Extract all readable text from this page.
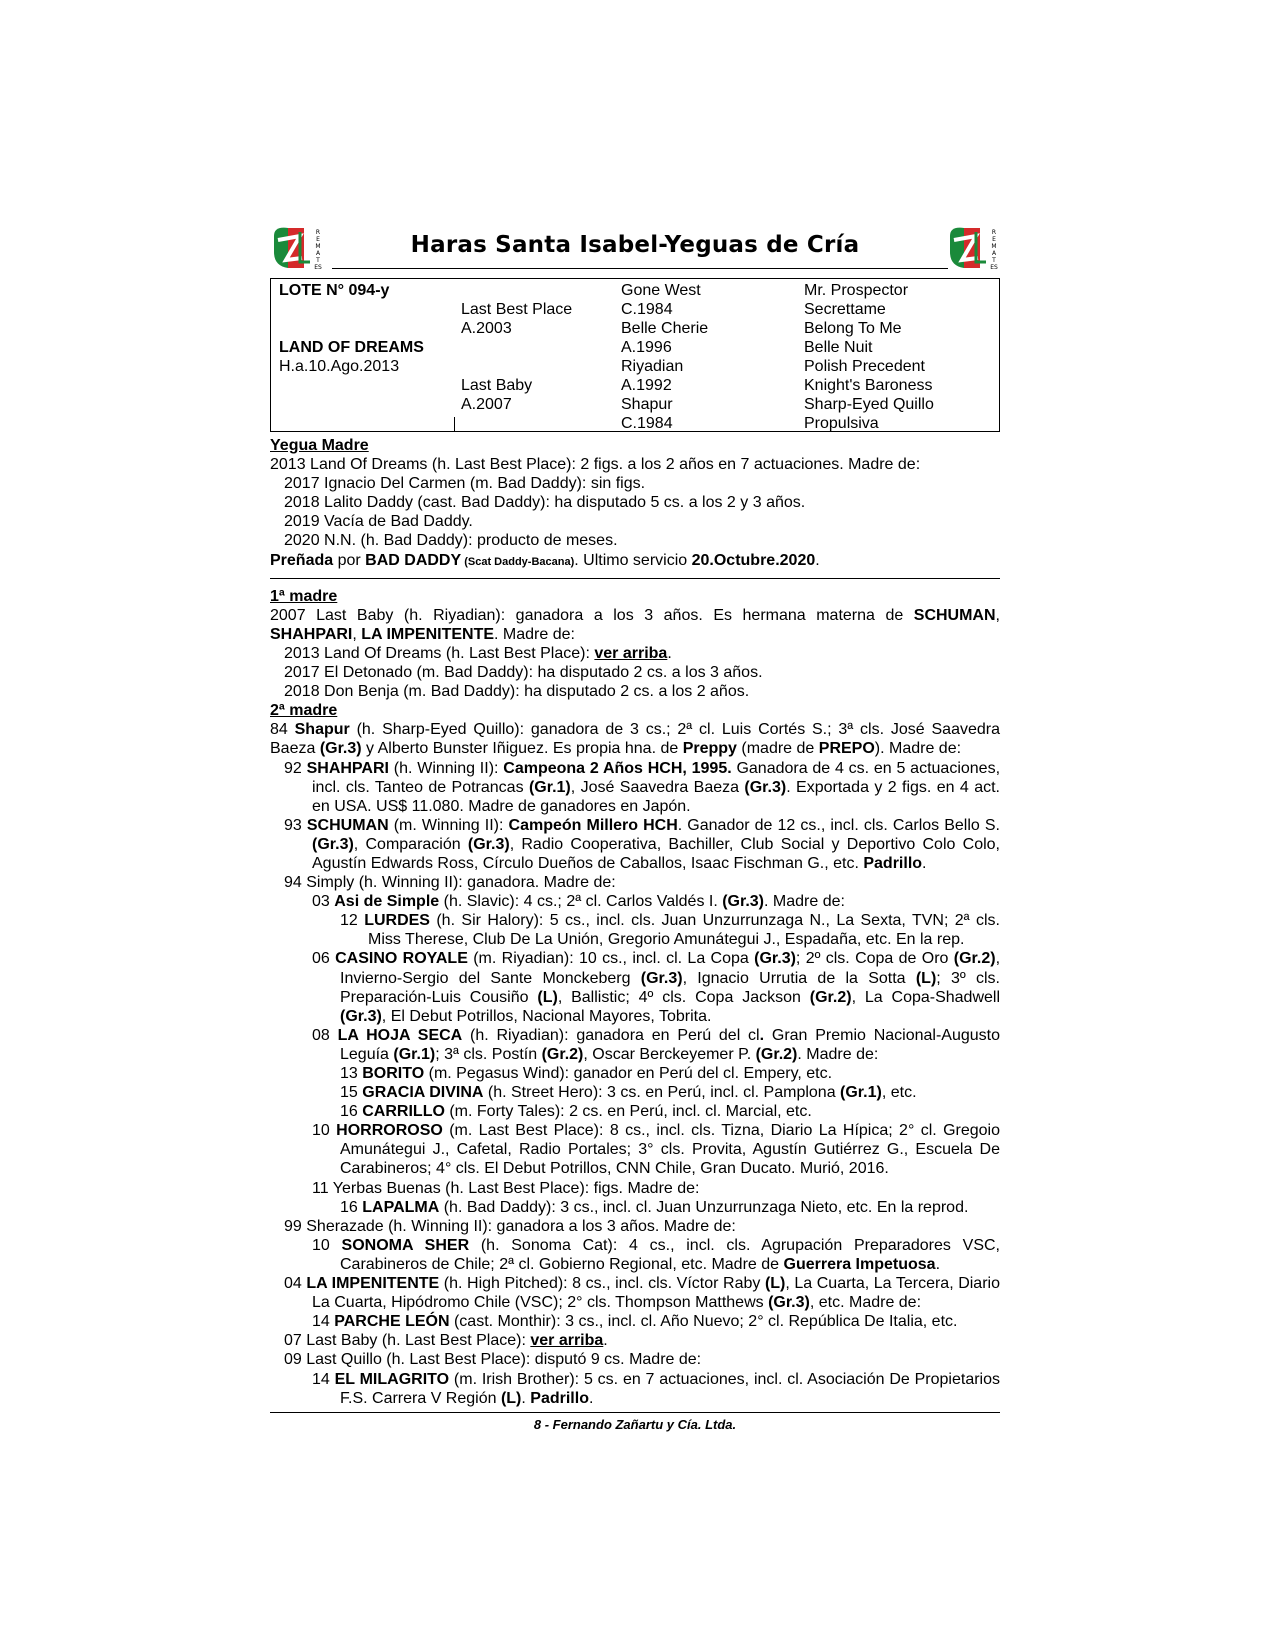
R
E
M
A
T
ES
Haras Santa Isabel-Yeguas de Cría	R
E
M
A
T
ES
LOTE N° 094-y
LAND OF DREAMS
H.a.10.Ago.2013
Last Best Place
A.2003
Last Baby
A.2007
Gone West
C.1984
Belle Cherie
A.1996
Riyadian
A.1992
Shapur
C.1984
Mr. Prospector
Secrettame
Belong To Me
Belle Nuit
Polish Precedent
Knight's Baroness
Sharp-Eyed Quillo
Propulsiva

Yegua Madre

2013 Land Of Dreams (h. Last Best Place): 2 figs. a los 2 años en 7 actuaciones. Madre de:

2017 Ignacio Del Carmen (m. Bad Daddy): sin figs.

2018 Lalito Daddy (cast. Bad Daddy): ha disputado 5 cs. a los 2 y 3 años.

2019 Vacía de Bad Daddy.

2020 N.N. (h. Bad Daddy): producto de meses.

Preñada por BAD DADDY (Scat Daddy-Bacana). Ultimo servicio 20.Octubre.2020.

1ª madre

2007 Last Baby (h. Riyadian): ganadora a los 3 años. Es hermana materna de SCHUMAN, SHAHPARI, LA IMPENITENTE. Madre de:

2013 Land Of Dreams (h. Last Best Place): ver arriba.

2017 El Detonado (m. Bad Daddy): ha disputado 2 cs. a los 3 años.

2018 Don Benja (m. Bad Daddy): ha disputado 2 cs. a los 2 años.

2ª madre

84 Shapur (h. Sharp-Eyed Quillo): ganadora de 3 cs.; 2ª cl. Luis Cortés S.; 3ª cls. José Saavedra Baeza (Gr.3) y Alberto Bunster Iñiguez. Es propia hna. de Preppy (madre de PREPO). Madre de:

92 SHAHPARI (h. Winning II): Campeona 2 Años HCH, 1995. Ganadora de 4 cs. en 5 actuaciones, incl. cls. Tanteo de Potrancas (Gr.1), José Saavedra Baeza (Gr.3). Exportada y 2 figs. en 4 act. en USA. US$ 11.080. Madre de ganadores en Japón.

93 SCHUMAN (m. Winning II): Campeón Millero HCH. Ganador de 12 cs., incl. cls. Carlos Bello S. (Gr.3), Comparación (Gr.3), Radio Cooperativa, Bachiller, Club Social y Deportivo Colo Colo, Agustín Edwards Ross, Círculo Dueños de Caballos, Isaac Fischman G., etc. Padrillo.

94 Simply (h. Winning II): ganadora. Madre de:

03 Asi de Simple (h. Slavic): 4 cs.; 2ª cl. Carlos Valdés I. (Gr.3). Madre de:

12 LURDES (h. Sir Halory): 5 cs., incl. cls. Juan Unzurrunzaga N., La Sexta, TVN; 2ª cls. Miss Therese, Club De La Unión, Gregorio Amunátegui J., Espadaña, etc. En la rep.

06 CASINO ROYALE (m. Riyadian): 10 cs., incl. cl. La Copa (Gr.3); 2º cls. Copa de Oro (Gr.2), Invierno-Sergio del Sante Monckeberg (Gr.3), Ignacio Urrutia de la Sotta (L); 3º cls. Preparación-Luis Cousiño (L), Ballistic; 4º cls. Copa Jackson (Gr.2), La Copa-Shadwell (Gr.3), El Debut Potrillos, Nacional Mayores, Tobrita.

08 LA HOJA SECA (h. Riyadian): ganadora en Perú del cl. Gran Premio Nacional-Augusto Leguía (Gr.1); 3ª cls. Postín (Gr.2), Oscar Berckeyemer P. (Gr.2). Madre de:

13 BORITO (m. Pegasus Wind): ganador en Perú del cl. Empery, etc.

15 GRACIA DIVINA (h. Street Hero): 3 cs. en Perú, incl. cl. Pamplona (Gr.1), etc.

16 CARRILLO (m. Forty Tales): 2 cs. en Perú, incl. cl. Marcial, etc.

10 HORROROSO (m. Last Best Place): 8 cs., incl. cls. Tizna, Diario La Hípica; 2° cl. Gregoio Amunátegui J., Cafetal, Radio Portales; 3° cls. Provita, Agustín Gutiérrez G., Escuela De Carabineros; 4° cls. El Debut Potrillos, CNN Chile, Gran Ducato. Murió, 2016.

11 Yerbas Buenas (h. Last Best Place): figs. Madre de:

16 LAPALMA (h. Bad Daddy): 3 cs., incl. cl. Juan Unzurrunzaga Nieto, etc. En la reprod.

99 Sherazade (h. Winning II): ganadora a los 3 años. Madre de:

10 SONOMA SHER (h. Sonoma Cat): 4 cs., incl. cls. Agrupación Preparadores VSC, Carabineros de Chile; 2ª cl. Gobierno Regional, etc. Madre de Guerrera Impetuosa.

04 LA IMPENITENTE (h. High Pitched): 8 cs., incl. cls. Víctor Raby (L), La Cuarta, La Tercera, Diario La Cuarta, Hipódromo Chile (VSC); 2° cls. Thompson Matthews (Gr.3), etc. Madre de:

14 PARCHE LEÓN (cast. Monthir): 3 cs., incl. cl. Año Nuevo; 2° cl. República De Italia, etc.

07 Last Baby (h. Last Best Place): ver arriba.

09 Last Quillo (h. Last Best Place): disputó 9 cs. Madre de:

14 EL MILAGRITO (m. Irish Brother): 5 cs. en 7 actuaciones, incl. cl. Asociación De Propietarios F.S. Carrera V Región (L). Padrillo.

8 - Fernando Zañartu y Cía. Ltda.
